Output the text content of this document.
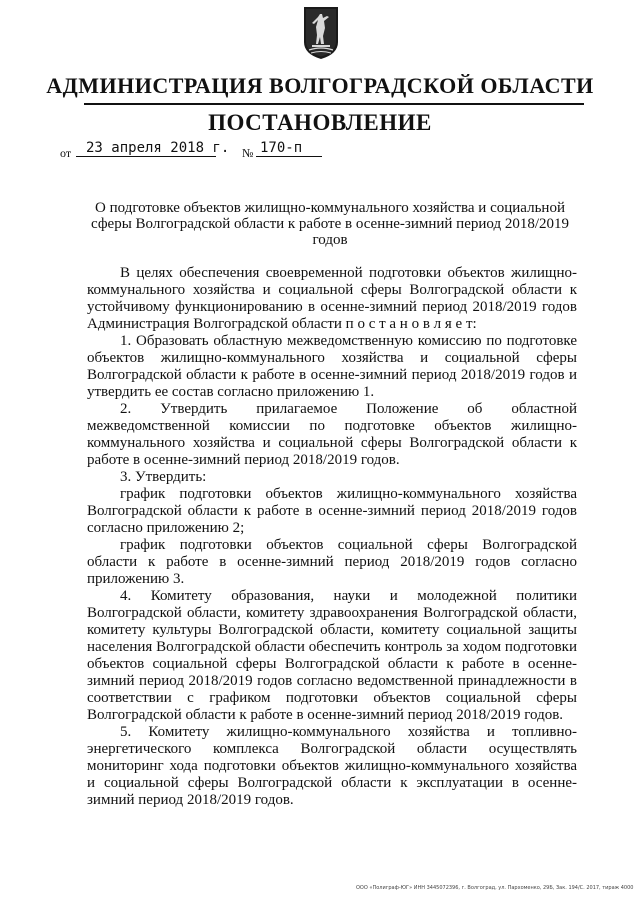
АДМИНИСТРАЦИЯ ВОЛГОГРАДСКОЙ ОБЛАСТИ
ПОСТАНОВЛЕНИЕ
от 23 апреля 2018 г. № 170-п
О подготовке объектов жилищно-коммунального хозяйства и социальной сферы Волгоградской области к работе в осенне-зимний период 2018/2019 годов

В целях обеспечения своевременной подготовки объектов жилищно-коммунального хозяйства и социальной сферы Волгоградской области к устойчивому функционированию в осенне-зимний период 2018/2019 годов Администрация Волгоградской области п о с т а н о в л я е т:

1. Образовать областную межведомственную комиссию по подготовке объектов жилищно-коммунального хозяйства и социальной сферы Волгоградской области к работе в осенне-зимний период 2018/2019 годов и утвердить ее состав согласно приложению 1.

2. Утвердить прилагаемое Положение об областной межведомственной комиссии по подготовке объектов жилищно-коммунального хозяйства и социальной сферы Волгоградской области к работе в осенне-зимний период 2018/2019 годов.

3. Утвердить:

график подготовки объектов жилищно-коммунального хозяйства Волгоградской области к работе в осенне-зимний период 2018/2019 годов согласно приложению 2;

график подготовки объектов социальной сферы Волгоградской области к работе в осенне-зимний период 2018/2019 годов согласно приложению 3.

4. Комитету образования, науки и молодежной политики Волгоградской области, комитету здравоохранения Волгоградской области, комитету культуры Волгоградской области, комитету социальной защиты населения Волгоградской области обеспечить контроль за ходом подготовки объектов социальной сферы Волгоградской области к работе в осенне-зимний период 2018/2019 годов согласно ведомственной принадлежности в соответствии с графиком подготовки объектов социальной сферы Волгоградской области к работе в осенне-зимний период 2018/2019 годов.

5. Комитету жилищно-коммунального хозяйства и топливно-энергетического комплекса Волгоградской области осуществлять мониторинг хода подготовки объектов жилищно-коммунального хозяйства и социальной сферы Волгоградской области к эксплуатации в осенне-зимний период 2018/2019 годов.

ООО «Полиграф-ЮГ» ИНН 3445072396, г. Волгоград, ул. Пархоменко, 29Б, Зак. 194/С. 2017, тираж 4000
